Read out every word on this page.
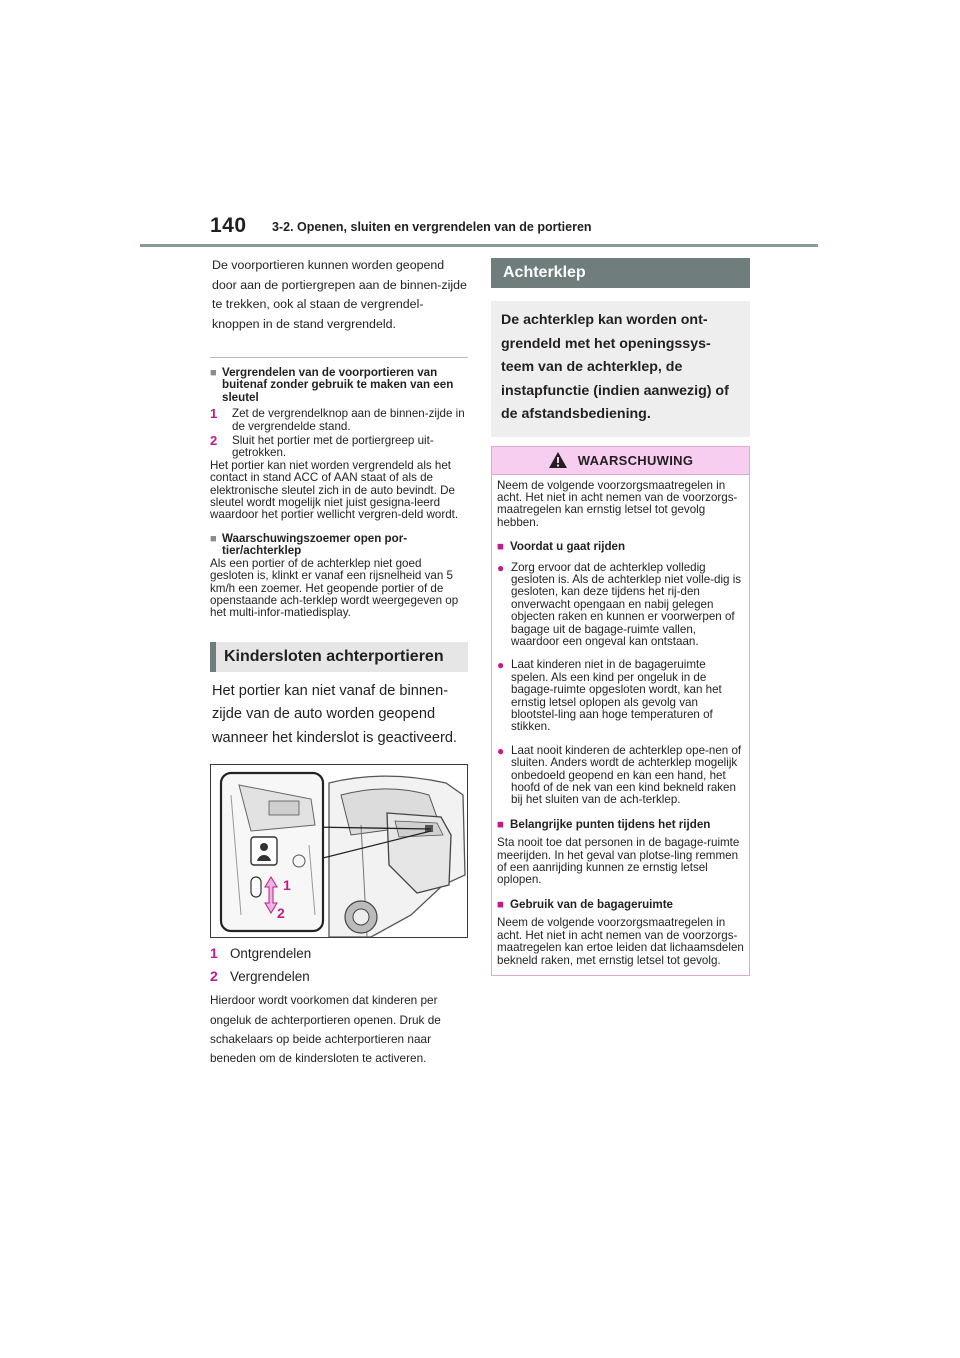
140 3-2. Openen, sluiten en vergrendelen van de portieren

De voorportieren kunnen worden geopend door aan de portiergrepen aan de binnen-zijde te trekken, ook al staan de vergrendel-knoppen in de stand vergrendeld.

■ Vergrendelen van de voorportieren van buitenaf zonder gebruik te maken van een sleutel
1	Zet de vergrendelknop aan de binnen-zijde in de vergrendelde stand.
2	Sluit het portier met de portiergreep uit-getrokken.

Het portier kan niet worden vergrendeld als het contact in stand ACC of AAN staat of als de elektronische sleutel zich in de auto bevindt. De sleutel wordt mogelijk niet juist gesigna-leerd waardoor het portier wellicht vergren-deld wordt.

■ Waarschuwingszoemer open por-tier/achterklep

Als een portier of de achterklep niet goed gesloten is, klinkt er vanaf een rijsnelheid van 5 km/h een zoemer. Het geopende portier of de openstaande ach-terklep wordt weergegeven op het multi-infor-matiedisplay.

Kindersloten achterportieren

Het portier kan niet vanaf de binnen-zijde van de auto worden geopend wanneer het kinderslot is geactiveerd.

1
2
1 Ontgrendelen
2 Vergrendelen

Hierdoor wordt voorkomen dat kinderen per ongeluk de achterportieren openen. Druk de schakelaars op beide achterportieren naar beneden om de kindersloten te activeren.

Achterklep

De achterklep kan worden ont-grendeld met het openingssys-teem van de achterklep, de instapfunctie (indien aanwezig) of de afstandsbediening.

WAARSCHUWING

Neem de volgende voorzorgsmaatregelen in acht. Het niet in acht nemen van de voorzorgs-maatregelen kan ernstig letsel tot gevolg hebben.

■ Voordat u gaat rijden
● Zorg ervoor dat de achterklep volledig gesloten is. Als de achterklep niet volle-dig is gesloten, kan deze tijdens het rij-den onverwacht opengaan en nabij gelegen objecten raken en kunnen er voorwerpen of bagage uit de bagage-ruimte vallen, waardoor een ongeval kan ontstaan.
● Laat kinderen niet in de bagageruimte spelen. Als een kind per ongeluk in de bagage-ruimte opgesloten wordt, kan het ernstig letsel oplopen als gevolg van blootstel-ling aan hoge temperaturen of stikken.
● Laat nooit kinderen de achterklep ope-nen of sluiten. Anders wordt de achterklep mogelijk onbedoeld geopend en kan een hand, het hoofd of de nek van een kind bekneld raken bij het sluiten van de ach-terklep.
■ Belangrijke punten tijdens het rijden

Sta nooit toe dat personen in de bagage-ruimte meerijden. In het geval van plotse-ling remmen of een aanrijding kunnen ze ernstig letsel oplopen.

■ Gebruik van de bagageruimte

Neem de volgende voorzorgsmaatregelen in acht. Het niet in acht nemen van de voorzorgs-maatregelen kan ertoe leiden dat lichaamsdelen bekneld raken, met ernstig letsel tot gevolg.
